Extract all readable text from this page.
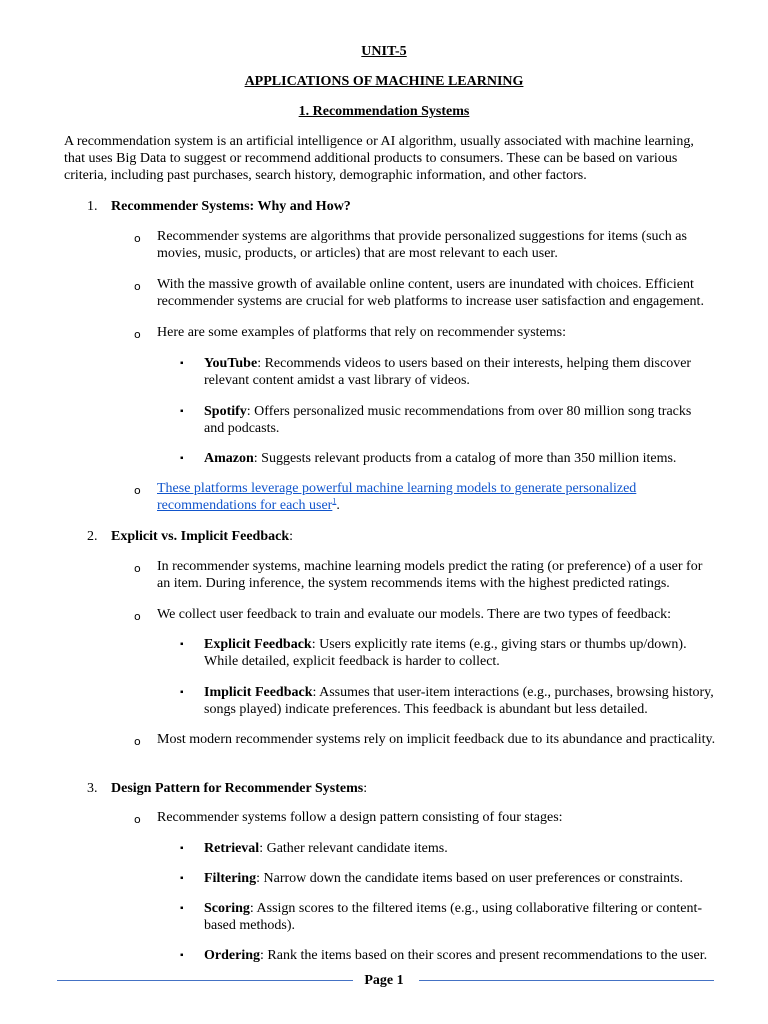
UNIT-5
APPLICATIONS OF MACHINE LEARNING
1. Recommendation Systems
A recommendation system is an artificial intelligence or AI algorithm, usually associated with machine learning, that uses Big Data to suggest or recommend additional products to consumers. These can be based on various criteria, including past purchases, search history, demographic information, and other factors.
1. Recommender Systems: Why and How?
o Recommender systems are algorithms that provide personalized suggestions for items (such as movies, music, products, or articles) that are most relevant to each user.
o With the massive growth of available online content, users are inundated with choices. Efficient recommender systems are crucial for web platforms to increase user satisfaction and engagement.
o Here are some examples of platforms that rely on recommender systems:
▪ YouTube: Recommends videos to users based on their interests, helping them discover relevant content amidst a vast library of videos.
▪ Spotify: Offers personalized music recommendations from over 80 million song tracks and podcasts.
▪ Amazon: Suggests relevant products from a catalog of more than 350 million items.
o These platforms leverage powerful machine learning models to generate personalized recommendations for each user$^1$.
2. Explicit vs. Implicit Feedback:
o In recommender systems, machine learning models predict the rating (or preference) of a user for an item. During inference, the system recommends items with the highest predicted ratings.
o We collect user feedback to train and evaluate our models. There are two types of feedback:
▪ Explicit Feedback: Users explicitly rate items (e.g., giving stars or thumbs up/down). While detailed, explicit feedback is harder to collect.
▪ Implicit Feedback: Assumes that user-item interactions (e.g., purchases, browsing history, songs played) indicate preferences. This feedback is abundant but less detailed.
o Most modern recommender systems rely on implicit feedback due to its abundance and practicality.
3. Design Pattern for Recommender Systems:
o Recommender systems follow a design pattern consisting of four stages:
▪ Retrieval: Gather relevant candidate items.
▪ Filtering: Narrow down the candidate items based on user preferences or constraints.
▪ Scoring: Assign scores to the filtered items (e.g., using collaborative filtering or content-based methods).
▪ Ordering: Rank the items based on their scores and present recommendations to the user.
Page 1
